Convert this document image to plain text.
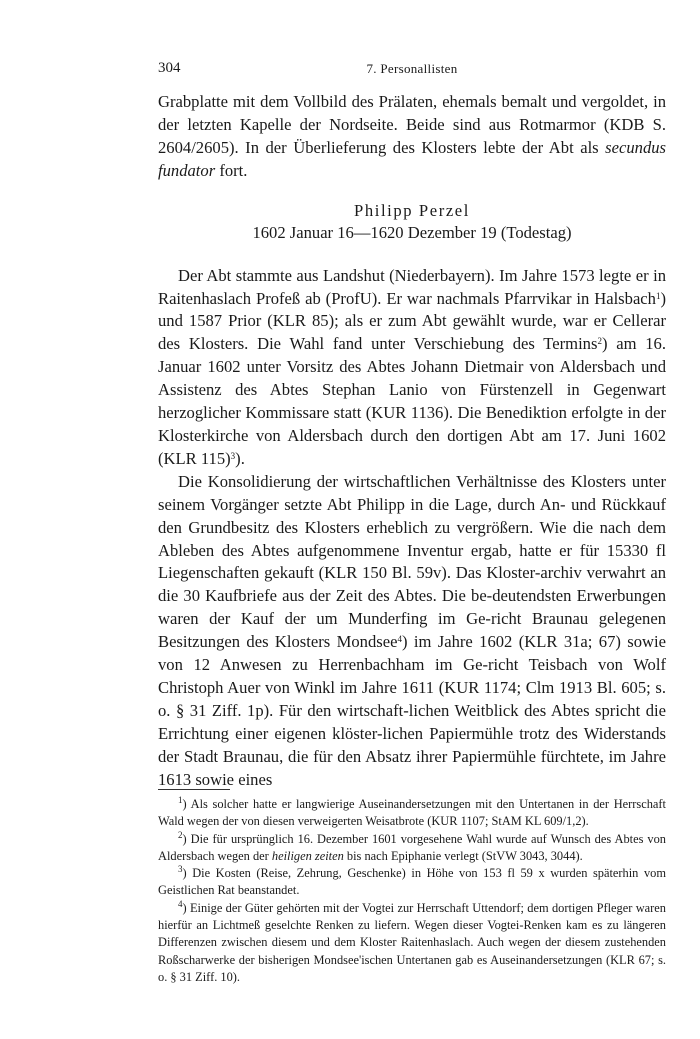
304	7. Personallisten

Grabplatte mit dem Vollbild des Prälaten, ehemals bemalt und vergoldet, in der letzten Kapelle der Nordseite. Beide sind aus Rotmarmor (KDB S. 2604/2605). In der Überlieferung des Klosters lebte der Abt als secundus fundator fort.

Philipp Perzel
1602 Januar 16—1620 Dezember 19 (Todestag)

Der Abt stammte aus Landshut (Niederbayern). Im Jahre 1573 legte er in Raitenhaslach Profeß ab (ProfU). Er war nachmals Pfarrvikar in Halsbach$^1$) und 1587 Prior (KLR 85); als er zum Abt gewählt wurde, war er Cellerar des Klosters. Die Wahl fand unter Verschiebung des Termins$^2$) am 16. Januar 1602 unter Vorsitz des Abtes Johann Dietmair von Aldersbach und Assistenz des Abtes Stephan Lanio von Fürstenzell in Gegenwart herzoglicher Kommissare statt (KUR 1136). Die Benediktion erfolgte in der Klosterkirche von Aldersbach durch den dortigen Abt am 17. Juni 1602 (KLR 115)$^3$).

Die Konsolidierung der wirtschaftlichen Verhältnisse des Klosters unter seinem Vorgänger setzte Abt Philipp in die Lage, durch An- und Rückkauf den Grundbesitz des Klosters erheblich zu vergrößern. Wie die nach dem Ableben des Abtes aufgenommene Inventur ergab, hatte er für 15330 fl Liegenschaften gekauft (KLR 150 Bl. 59v). Das Kloster-archiv verwahrt an die 30 Kaufbriefe aus der Zeit des Abtes. Die be-deutendsten Erwerbungen waren der Kauf der um Munderfing im Ge-richt Braunau gelegenen Besitzungen des Klosters Mondsee$^4$) im Jahre 1602 (KLR 31a; 67) sowie von 12 Anwesen zu Herrenbachham im Ge-richt Teisbach von Wolf Christoph Auer von Winkl im Jahre 1611 (KUR 1174; Clm 1913 Bl. 605; s. o. § 31 Ziff. 1p). Für den wirtschaft-lichen Weitblick des Abtes spricht die Errichtung einer eigenen klöster-lichen Papiermühle trotz des Widerstands der Stadt Braunau, die für den Absatz ihrer Papiermühle fürchtete, im Jahre 1613 sowie eines

$^1$) Als solcher hatte er langwierige Auseinandersetzungen mit den Untertanen in der Herrschaft Wald wegen der von diesen verweigerten Weisatbrote (KUR 1107; StAM KL 609/1,2).

$^2$) Die für ursprünglich 16. Dezember 1601 vorgesehene Wahl wurde auf Wunsch des Abtes von Aldersbach wegen der heiligen zeiten bis nach Epiphanie verlegt (StVW 3043, 3044).

$^3$) Die Kosten (Reise, Zehrung, Geschenke) in Höhe von 153 fl 59 x wurden späterhin vom Geistlichen Rat beanstandet.

$^4$) Einige der Güter gehörten mit der Vogtei zur Herrschaft Uttendorf; dem dortigen Pfleger waren hierfür an Lichtmeß geselchte Renken zu liefern. Wegen dieser Vogtei-Renken kam es zu längeren Differenzen zwischen diesem und dem Kloster Raitenhaslach. Auch wegen der diesem zustehenden Roßscharwerke der bisherigen Mondsee'ischen Untertanen gab es Auseinandersetzungen (KLR 67; s. o. § 31 Ziff. 10).
